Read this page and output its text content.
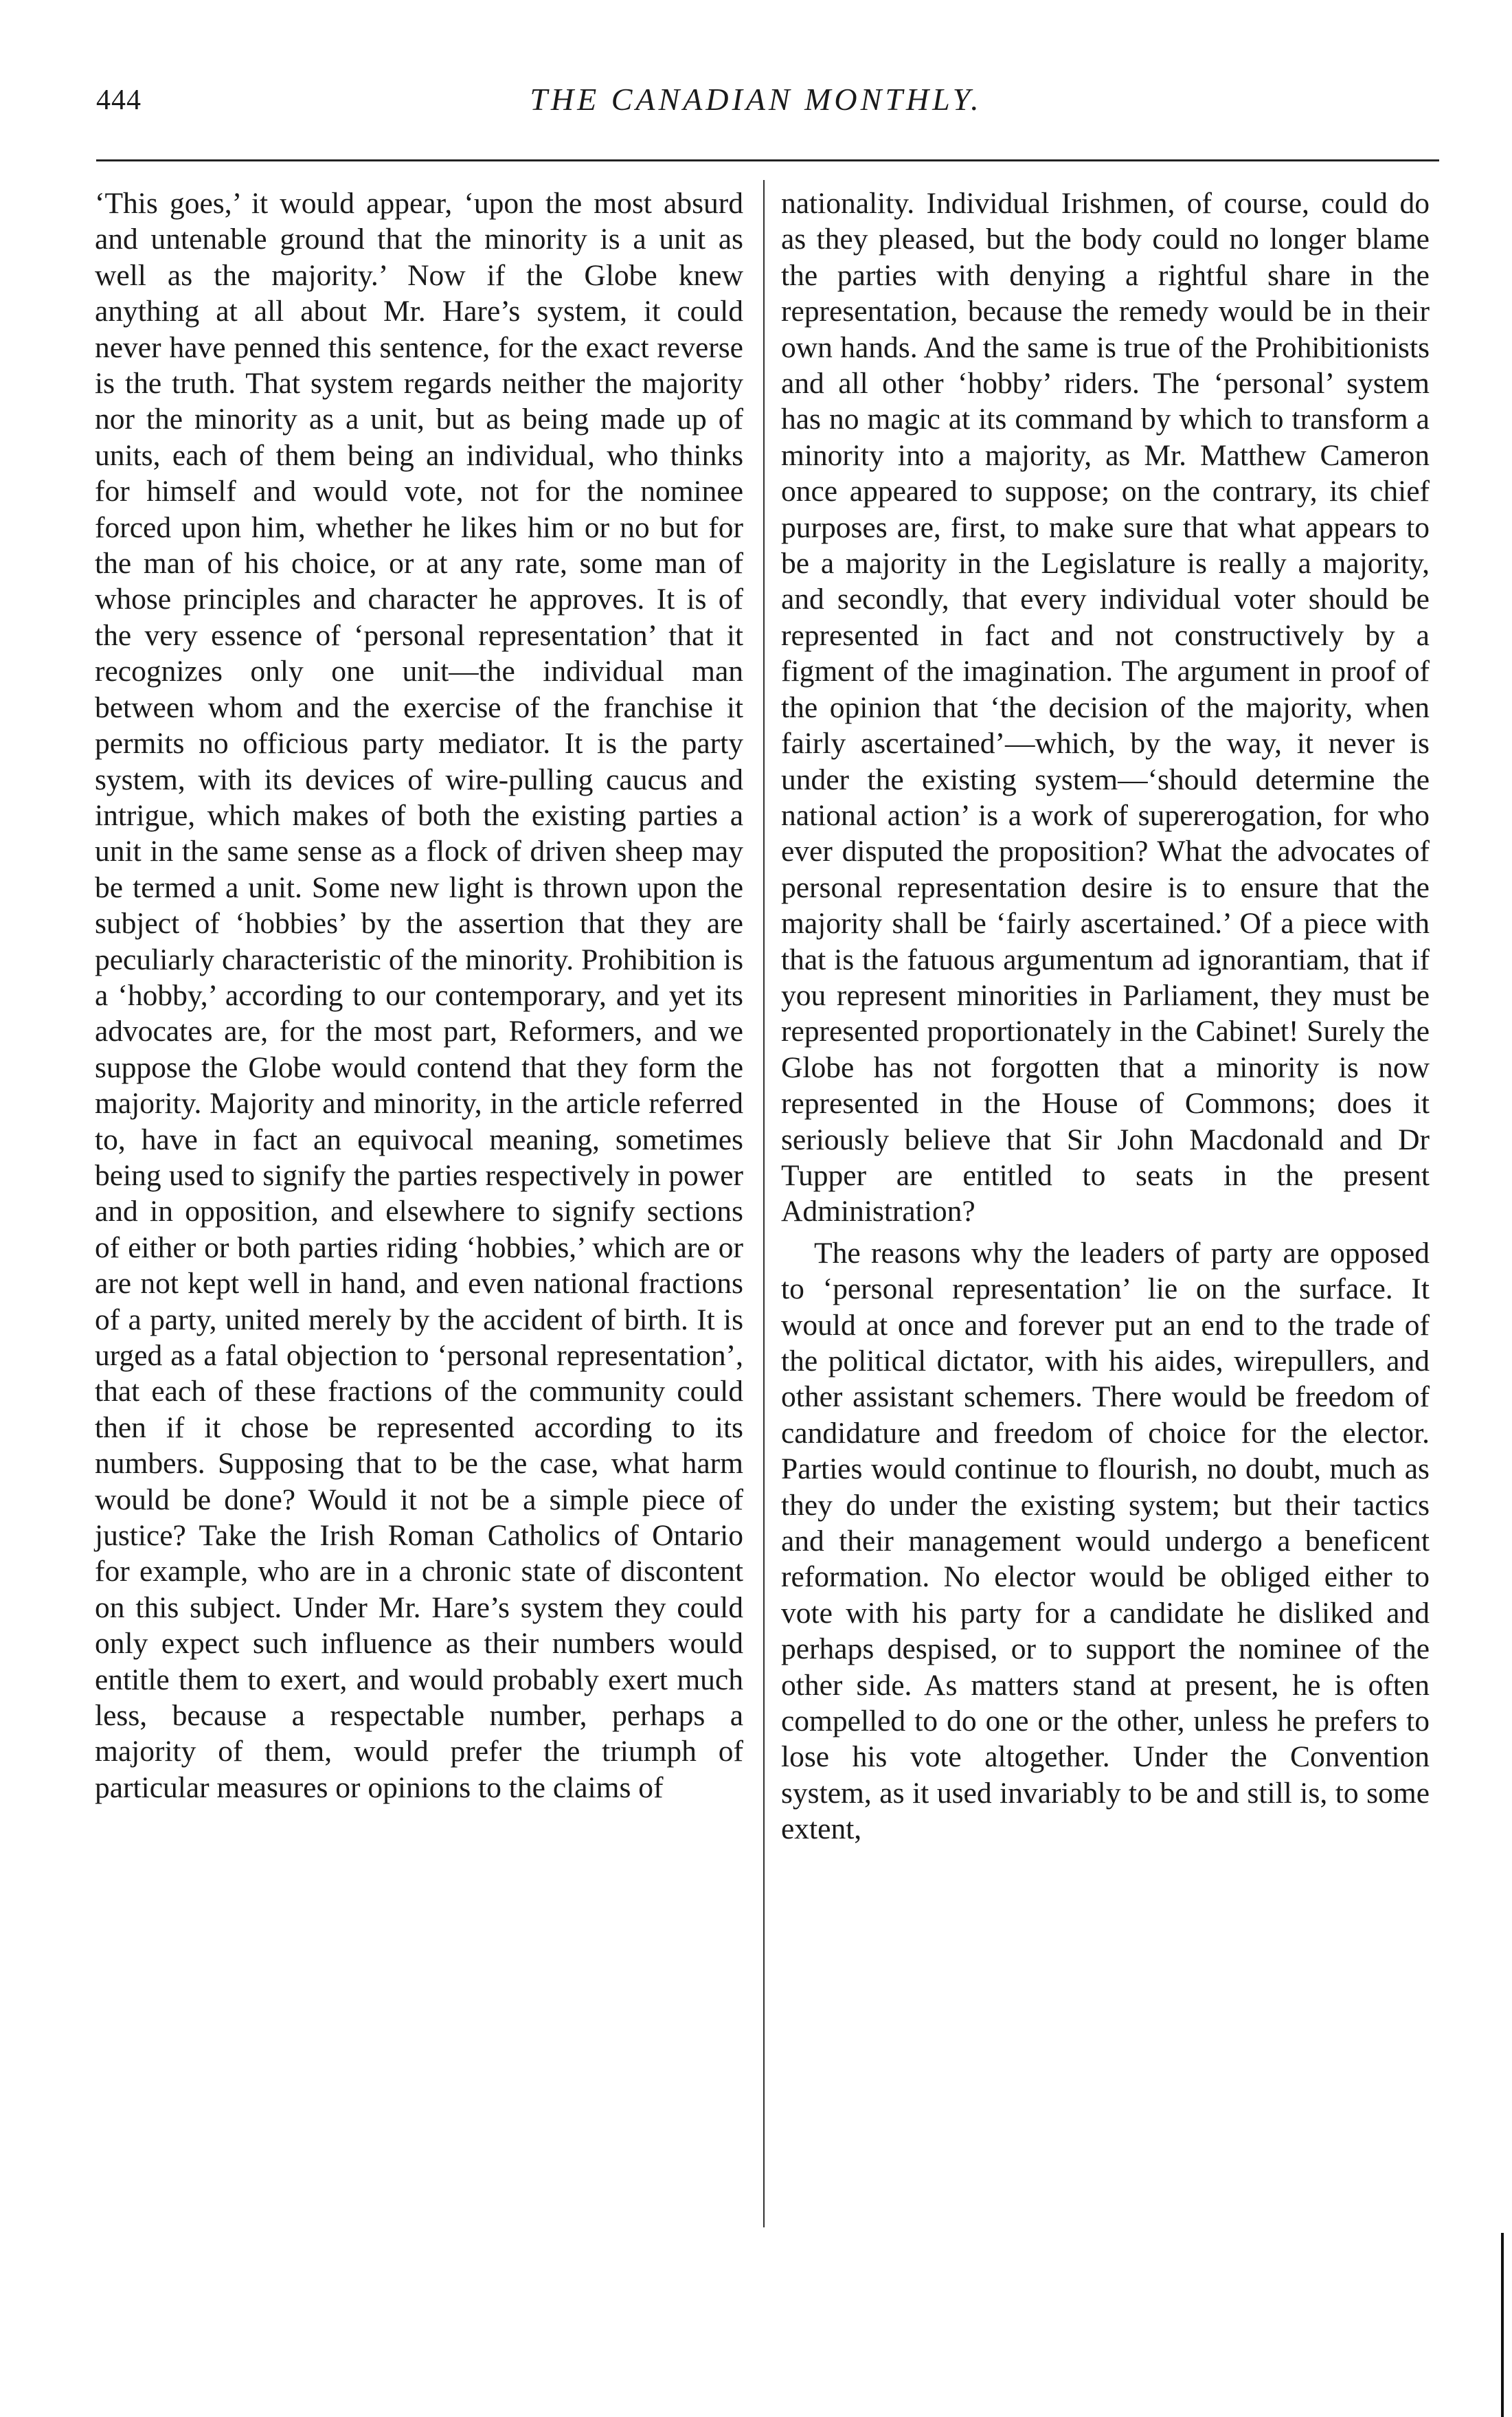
444	THE CANADIAN MONTHLY.

‘This goes,’ it would appear, ‘upon the most absurd and untenable ground that the minority is a unit as well as the majority.’ Now if the Globe knew anything at all about Mr. Hare’s system, it could never have penned this sentence, for the exact reverse is the truth. That system regards neither the majority nor the minority as a unit, but as being made up of units, each of them being an individual, who thinks for himself and would vote, not for the nominee forced upon him, whether he likes him or no but for the man of his choice, or at any rate, some man of whose principles and character he approves. It is of the very essence of ‘personal representation’ that it recognizes only one unit—the individual man between whom and the exercise of the franchise it permits no officious party mediator. It is the party system, with its devices of wire-pulling caucus and intrigue, which makes of both the existing parties a unit in the same sense as a flock of driven sheep may be termed a unit. Some new light is thrown upon the subject of ‘hobbies’ by the assertion that they are peculiarly characteristic of the minority. Prohibition is a ‘hobby,’ according to our contemporary, and yet its advocates are, for the most part, Reformers, and we suppose the Globe would contend that they form the majority. Majority and minority, in the article referred to, have in fact an equivocal meaning, sometimes being used to signify the parties respectively in power and in opposition, and elsewhere to signify sections of either or both parties riding ‘hobbies,’ which are or are not kept well in hand, and even national fractions of a party, united merely by the accident of birth. It is urged as a fatal objection to ‘personal representation’, that each of these fractions of the community could then if it chose be represented according to its numbers. Supposing that to be the case, what harm would be done? Would it not be a simple piece of justice? Take the Irish Roman Catholics of Ontario for example, who are in a chronic state of discontent on this subject. Under Mr. Hare’s system they could only expect such influence as their numbers would entitle them to exert, and would probably exert much less, because a respectable number, perhaps a majority of them, would prefer the triumph of particular measures or opinions to the claims of

nationality. Individual Irishmen, of course, could do as they pleased, but the body could no longer blame the parties with denying a rightful share in the representation, because the remedy would be in their own hands. And the same is true of the Prohibitionists and all other ‘hobby’ riders. The ‘personal’ system has no magic at its command by which to transform a minority into a majority, as Mr. Matthew Cameron once appeared to suppose; on the contrary, its chief purposes are, first, to make sure that what appears to be a majority in the Legislature is really a majority, and secondly, that every individual voter should be represented in fact and not constructively by a figment of the imagination. The argument in proof of the opinion that ‘the decision of the majority, when fairly ascertained’—which, by the way, it never is under the existing system—‘should determine the national action’ is a work of supererogation, for who ever disputed the proposition? What the advocates of personal representation desire is to ensure that the majority shall be ‘fairly ascertained.’ Of a piece with that is the fatuous argumentum ad ignorantiam, that if you represent minorities in Parliament, they must be represented proportionately in the Cabinet! Surely the Globe has not forgotten that a minority is now represented in the House of Commons; does it seriously believe that Sir John Macdonald and Dr Tupper are entitled to seats in the present Administration?

The reasons why the leaders of party are opposed to ‘personal representation’ lie on the surface. It would at once and forever put an end to the trade of the political dictator, with his aides, wirepullers, and other assistant schemers. There would be freedom of candidature and freedom of choice for the elector. Parties would continue to flourish, no doubt, much as they do under the existing system; but their tactics and their management would undergo a beneficent reformation. No elector would be obliged either to vote with his party for a candidate he disliked and perhaps despised, or to support the nominee of the other side. As matters stand at present, he is often compelled to do one or the other, unless he prefers to lose his vote altogether. Under the Convention system, as it used invariably to be and still is, to some extent,
